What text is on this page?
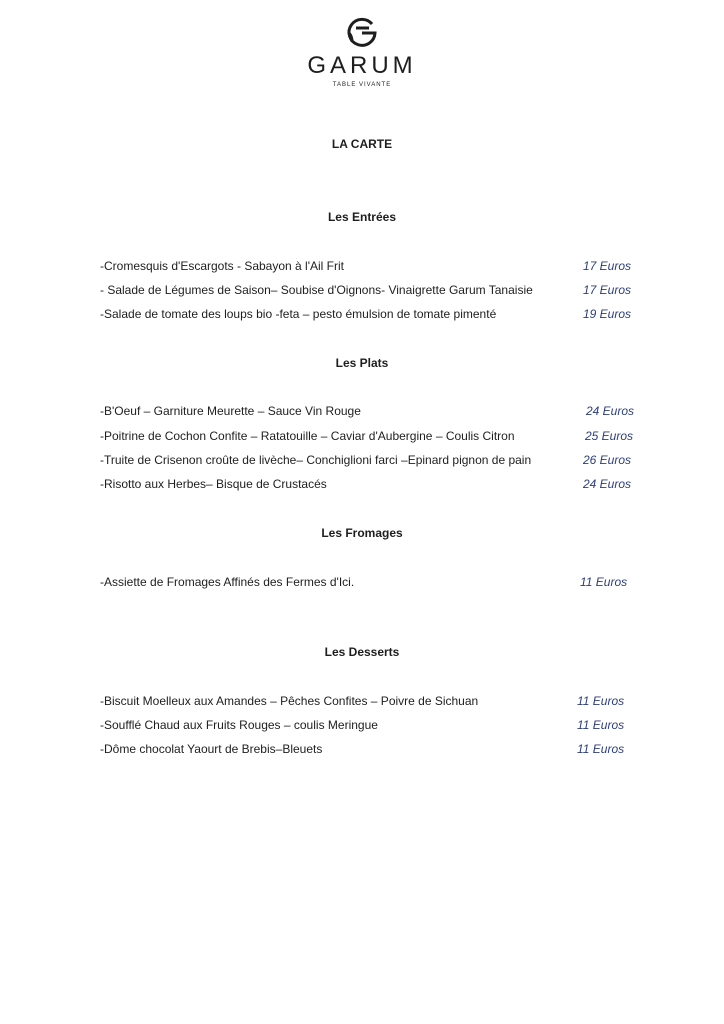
GARUM
TABLE VIVANTE
LA CARTE
Les Entrées
-Cromesquis d'Escargots - Sabayon à l'Ail Frit	17 Euros
- Salade de Légumes de Saison– Soubise d'Oignons- Vinaigrette Garum Tanaisie	17 Euros
-Salade de tomate des loups bio -feta – pesto émulsion de tomate pimenté	19 Euros
Les Plats
-B'Oeuf – Garniture Meurette – Sauce Vin Rouge	24 Euros
-Poitrine de Cochon Confite – Ratatouille – Caviar d'Aubergine – Coulis Citron	25 Euros
-Truite de Crisenon croûte de livèche– Conchiglioni farci –Epinard pignon de pain	26 Euros
-Risotto aux Herbes– Bisque de Crustacés	24 Euros
Les Fromages
-Assiette de Fromages Affinés des Fermes d'Ici.	11 Euros
Les Desserts
-Biscuit Moelleux aux Amandes – Pêches Confites – Poivre de Sichuan	11 Euros
-Soufflé Chaud aux Fruits Rouges – coulis Meringue	11 Euros
-Dôme chocolat Yaourt de Brebis–Bleuets	11 Euros
